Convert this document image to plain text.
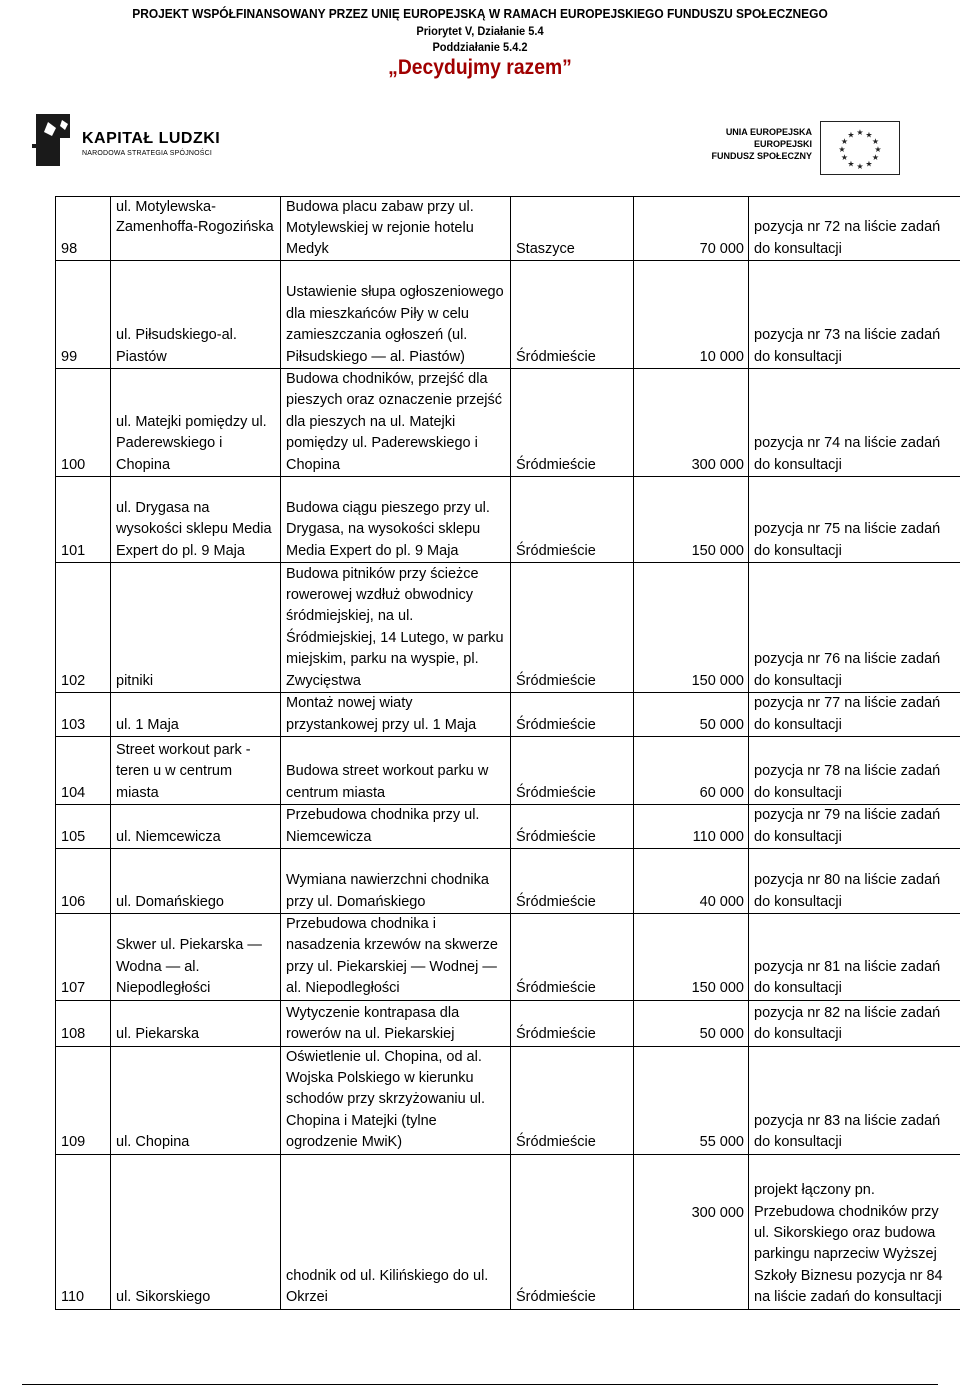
PROJEKT WSPÓŁFINANSOWANY PRZEZ UNIĘ EUROPEJSKĄ W RAMACH EUROPEJSKIEGO FUNDUSZU SPOŁECZNEGO
Priorytet V, Działanie 5.4
Poddziałanie 5.4.2
„Decydujmy razem”
KAPITAŁ LUDZKI
NARODOWA STRATEGIA SPÓJNOŚCI
UNIA EUROPEJSKA
EUROPEJSKI
FUNDUSZ SPOŁECZNY
★ ★
★
★
★
★
★
★
★
★
★
★
98	ul. Motylewska-Zamenhoffa-Rogozińska	Budowa placu zabaw przy ul. Motylewskiej w rejonie hotelu Medyk	Staszyce	70 000	pozycja nr 72 na liście zadań do konsultacji
99	ul. Piłsudskiego-al. Piastów	Ustawienie słupa ogłoszeniowego dla mieszkańców Piły w celu zamieszczania ogłoszeń (ul. Piłsudskiego — al. Piastów)	Śródmieście	10 000	pozycja nr 73 na liście zadań do konsultacji
100	ul. Matejki pomiędzy ul. Paderewskiego i Chopina	Budowa chodników, przejść dla pieszych oraz oznaczenie przejść dla pieszych na ul. Matejki pomiędzy ul. Paderewskiego i Chopina	Śródmieście	300 000	pozycja nr 74 na liście zadań do konsultacji
101	ul. Drygasa na wysokości sklepu Media Expert do pl. 9 Maja	Budowa ciągu pieszego przy ul. Drygasa, na wysokości sklepu Media Expert do pl. 9 Maja	Śródmieście	150 000	pozycja nr 75 na liście zadań do konsultacji
102	pitniki	Budowa pitników przy ścieżce rowerowej wzdłuż obwodnicy śródmiejskiej, na ul. Śródmiejskiej, 14 Lutego, w parku miejskim, parku na wyspie, pl. Zwycięstwa	Śródmieście	150 000	pozycja nr 76 na liście zadań do konsultacji
103	ul. 1 Maja	Montaż nowej wiaty przystankowej przy ul. 1 Maja	Śródmieście	50 000	pozycja nr 77 na liście zadań do konsultacji
104	Street workout park - teren u w centrum miasta	Budowa street workout parku w centrum miasta	Śródmieście	60 000	pozycja nr 78 na liście zadań do konsultacji
105	ul. Niemcewicza	Przebudowa chodnika przy ul. Niemcewicza	Śródmieście	110 000	pozycja nr 79 na liście zadań do konsultacji
106	ul. Domańskiego	Wymiana nawierzchni chodnika przy ul. Domańskiego	Śródmieście	40 000	pozycja nr 80 na liście zadań do konsultacji
107	Skwer ul. Piekarska — Wodna — al. Niepodległości	Przebudowa chodnika i nasadzenia krzewów na skwerze przy ul. Piekarskiej — Wodnej — al. Niepodległości	Śródmieście	150 000	pozycja nr 81 na liście zadań do konsultacji
108	ul. Piekarska	Wytyczenie kontrapasa dla rowerów na ul. Piekarskiej	Śródmieście	50 000	pozycja nr 82 na liście zadań do konsultacji
109	ul. Chopina	Oświetlenie ul. Chopina, od al. Wojska Polskiego w kierunku schodów przy skrzyżowaniu ul. Chopina i Matejki (tylne ogrodzenie MwiK)	Śródmieście	55 000	pozycja nr 83 na liście zadań do konsultacji
110	ul. Sikorskiego	chodnik od ul. Kilińskiego do ul. Okrzei	Śródmieście	300 000	projekt łączony pn. Przebudowa chodników przy ul. Sikorskiego oraz budowa parkingu naprzeciw Wyższej Szkoły Biznesu pozycja nr 84 na liście zadań do konsultacji
